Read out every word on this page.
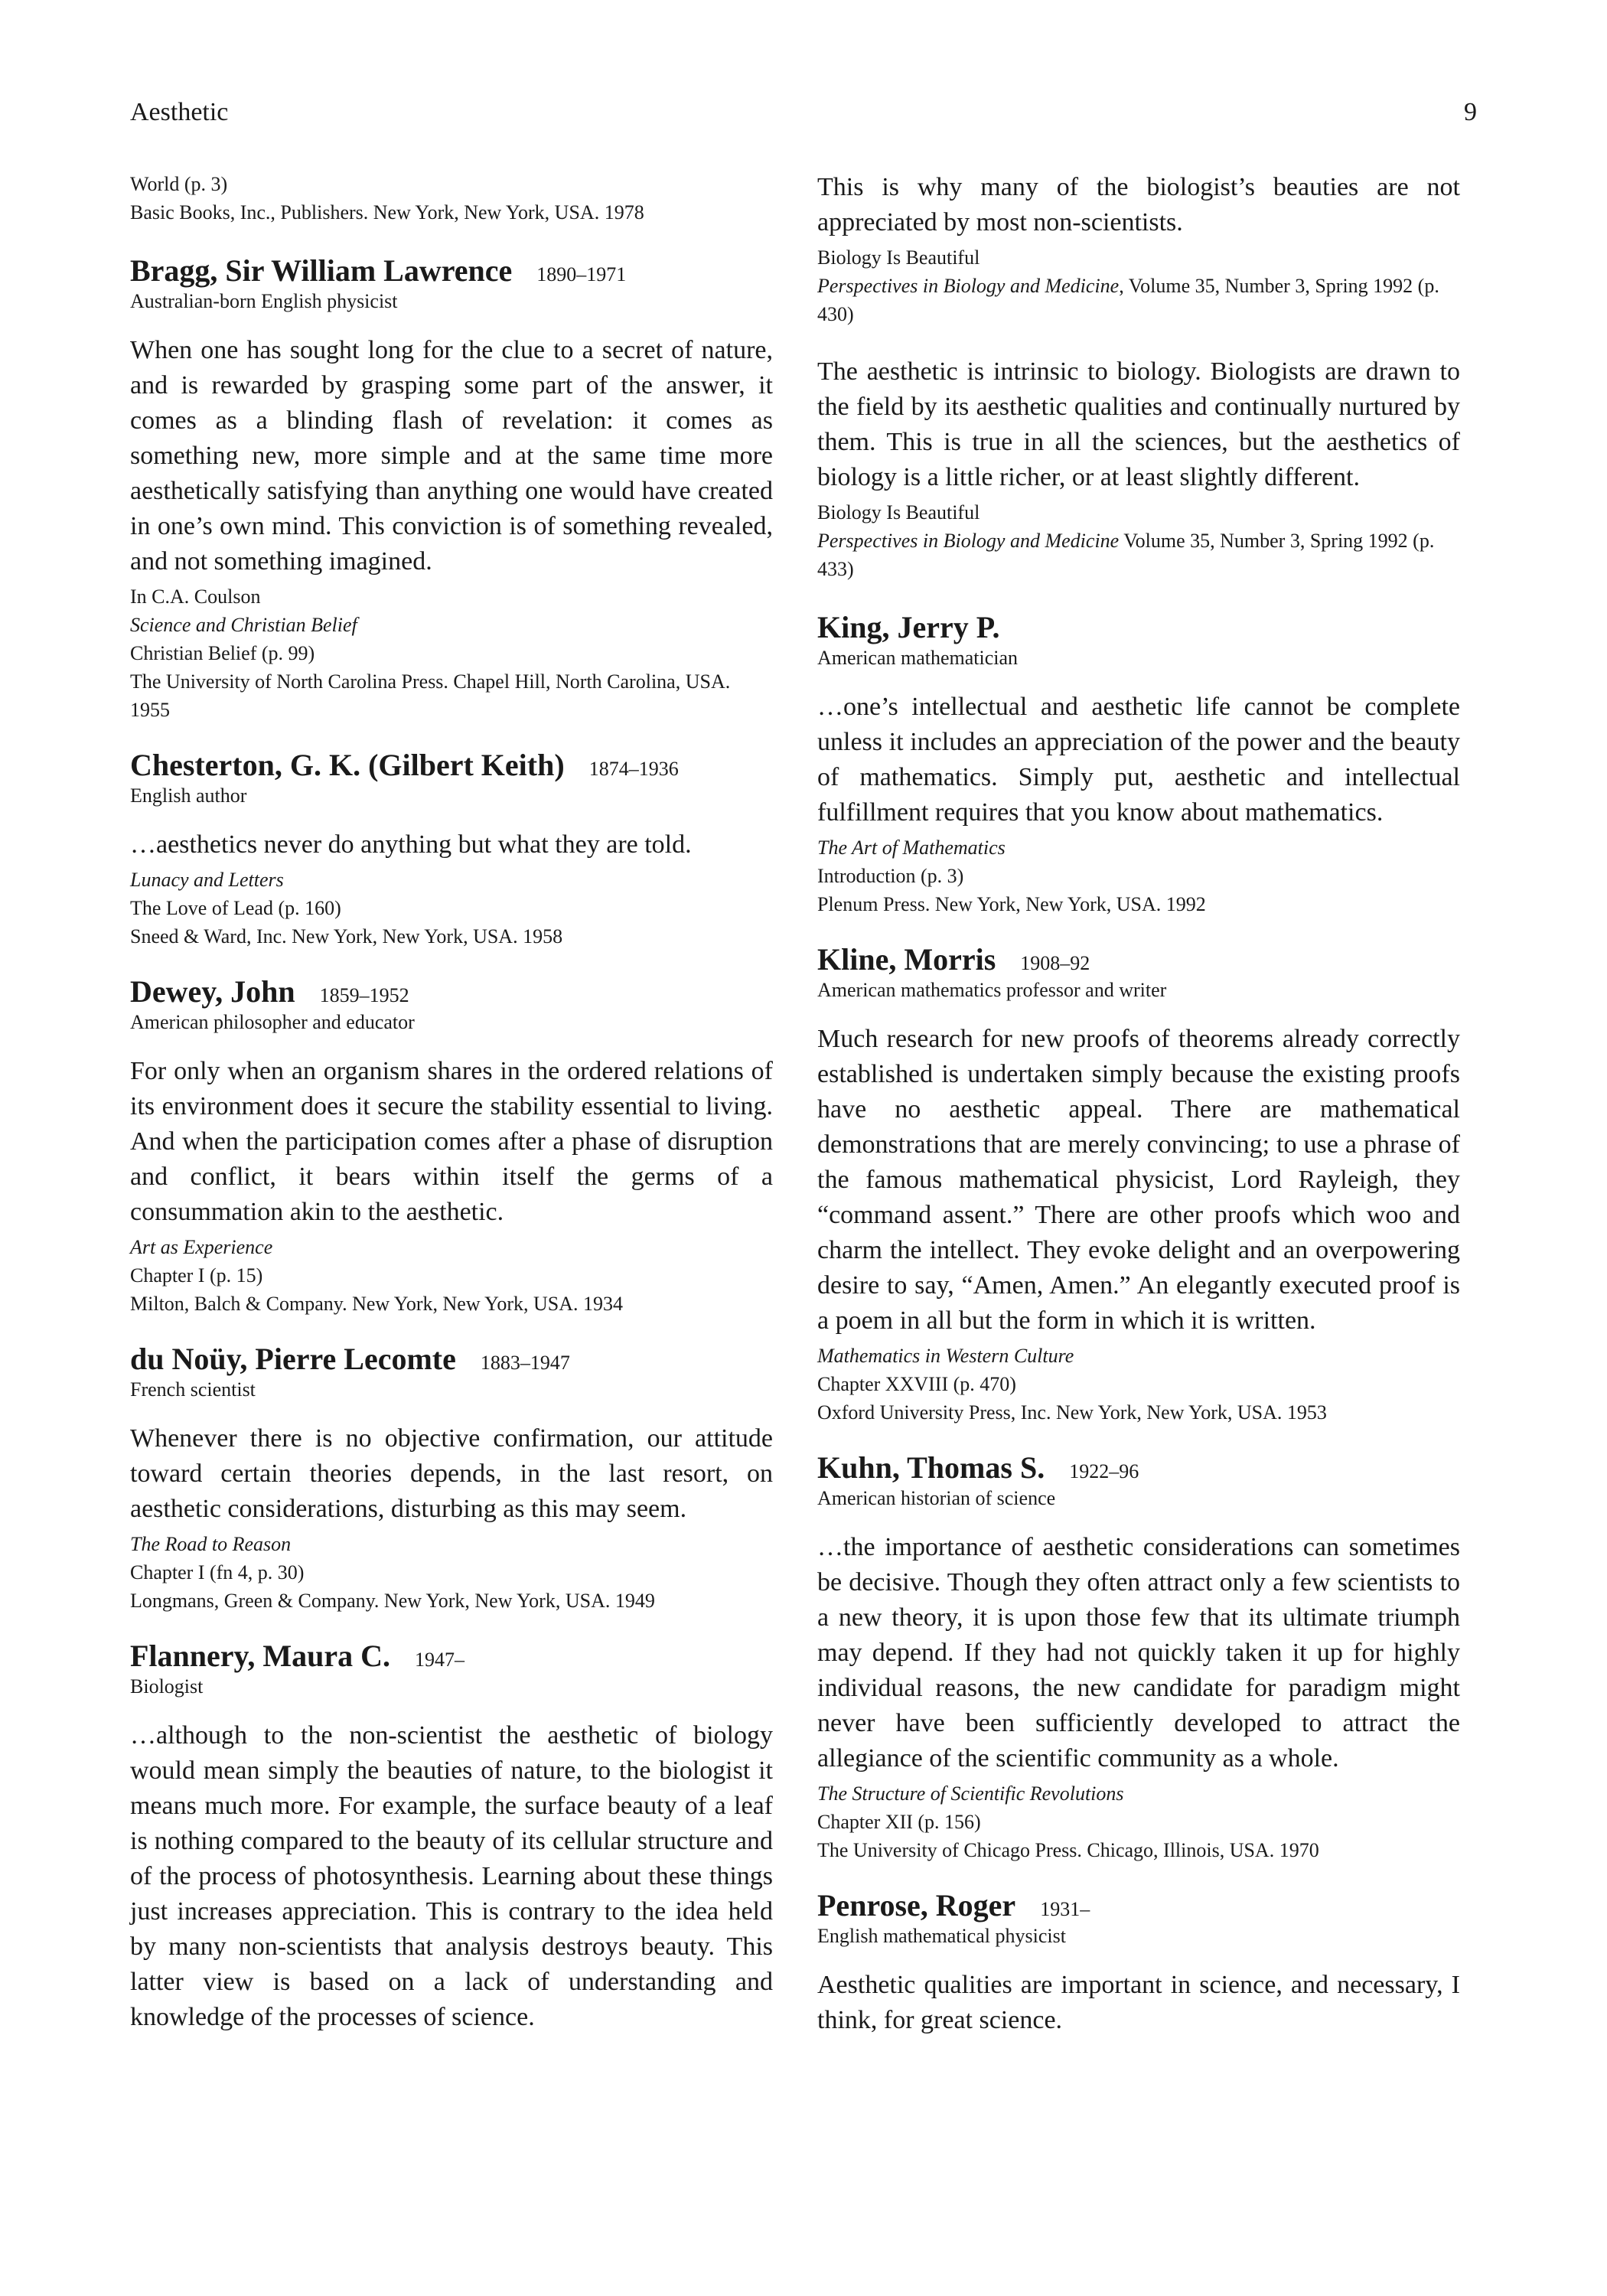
Aesthetic	9
World (p. 3)
Basic Books, Inc., Publishers. New York, New York, USA. 1978
Bragg, Sir William Lawrence 1890–1971
Australian-born English physicist

When one has sought long for the clue to a secret of nature, and is rewarded by grasping some part of the answer, it comes as a blinding flash of revelation: it comes as something new, more simple and at the same time more aesthetically satisfying than anything one would have created in one’s own mind. This conviction is of something revealed, and not something imagined.

In C.A. Coulson
Science and Christian Belief
Christian Belief (p. 99)
The University of North Carolina Press. Chapel Hill, North Carolina, USA. 1955
Chesterton, G. K. (Gilbert Keith) 1874–1936
English author

…aesthetics never do anything but what they are told.

Lunacy and Letters
The Love of Lead (p. 160)
Sneed & Ward, Inc. New York, New York, USA. 1958
Dewey, John 1859–1952
American philosopher and educator

For only when an organism shares in the ordered relations of its environment does it secure the stability essential to living. And when the participation comes after a phase of disruption and conflict, it bears within itself the germs of a consummation akin to the aesthetic.

Art as Experience
Chapter I (p. 15)
Milton, Balch & Company. New York, New York, USA. 1934
du Noüy, Pierre Lecomte 1883–1947
French scientist

Whenever there is no objective confirmation, our attitude toward certain theories depends, in the last resort, on aesthetic considerations, disturbing as this may seem.

The Road to Reason
Chapter I (fn 4, p. 30)
Longmans, Green & Company. New York, New York, USA. 1949
Flannery, Maura C. 1947–
Biologist

…although to the non-scientist the aesthetic of biology would mean simply the beauties of nature, to the biologist it means much more. For example, the surface beauty of a leaf is nothing compared to the beauty of its cellular structure and of the process of photosynthesis. Learning about these things just increases appreciation. This is contrary to the idea held by many non-scientists that analysis destroys beauty. This latter view is based on a lack of understanding and knowledge of the processes of science.

This is why many of the biologist’s beauties are not appreciated by most non-scientists.

Biology Is Beautiful
Perspectives in Biology and Medicine, Volume 35, Number 3, Spring 1992 (p. 430)

The aesthetic is intrinsic to biology. Biologists are drawn to the field by its aesthetic qualities and continually nurtured by them. This is true in all the sciences, but the aesthetics of biology is a little richer, or at least slightly different.

Biology Is Beautiful
Perspectives in Biology and Medicine Volume 35, Number 3, Spring 1992 (p. 433)
King, Jerry P.
American mathematician

…one’s intellectual and aesthetic life cannot be complete unless it includes an appreciation of the power and the beauty of mathematics. Simply put, aesthetic and intellectual fulfillment requires that you know about mathematics.

The Art of Mathematics
Introduction (p. 3)
Plenum Press. New York, New York, USA. 1992
Kline, Morris 1908–92
American mathematics professor and writer

Much research for new proofs of theorems already correctly established is undertaken simply because the existing proofs have no aesthetic appeal. There are mathematical demonstrations that are merely convincing; to use a phrase of the famous mathematical physicist, Lord Rayleigh, they “command assent.” There are other proofs which woo and charm the intellect. They evoke delight and an overpowering desire to say, “Amen, Amen.” An elegantly executed proof is a poem in all but the form in which it is written.

Mathematics in Western Culture
Chapter XXVIII (p. 470)
Oxford University Press, Inc. New York, New York, USA. 1953
Kuhn, Thomas S. 1922–96
American historian of science

…the importance of aesthetic considerations can sometimes be decisive. Though they often attract only a few scientists to a new theory, it is upon those few that its ultimate triumph may depend. If they had not quickly taken it up for highly individual reasons, the new candidate for paradigm might never have been sufficiently developed to attract the allegiance of the scientific community as a whole.

The Structure of Scientific Revolutions
Chapter XII (p. 156)
The University of Chicago Press. Chicago, Illinois, USA. 1970
Penrose, Roger 1931–
English mathematical physicist

Aesthetic qualities are important in science, and necessary, I think, for great science.
